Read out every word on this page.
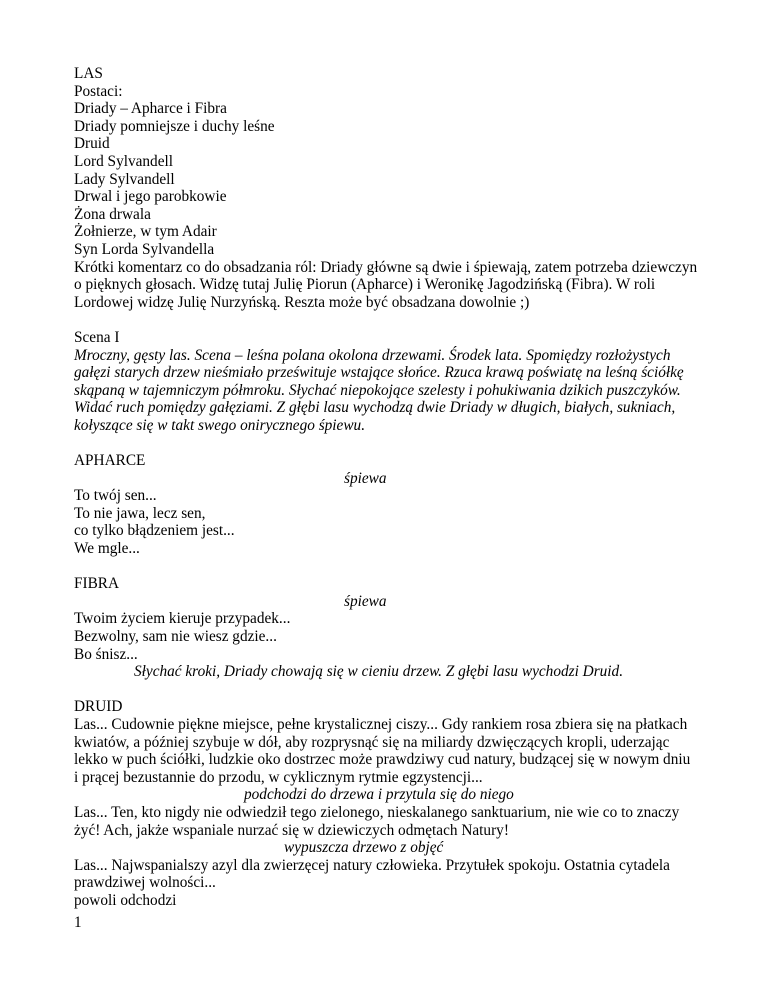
LAS
Postaci:
Driady – Apharce i Fibra
Driady pomniejsze i duchy leśne
Druid
Lord Sylvandell
Lady Sylvandell
Drwal i jego parobkowie
Żona drwala
Żołnierze, w tym Adair
Syn Lorda Sylvandella

Krótki komentarz co do obsadzania ról: Driady główne są dwie i śpiewają, zatem potrzeba dziewczyn o pięknych głosach. Widzę tutaj Julię Piorun (Apharce) i Weronikę Jagodzińską (Fibra). W roli Lordowej widzę Julię Nurzyńską. Reszta może być obsadzana dowolnie ;)

Scena I

Mroczny, gęsty las. Scena – leśna polana okolona drzewami. Środek lata. Spomiędzy rozłożystych gałęzi starych drzew nieśmiało prześwituje wstające słońce. Rzuca krawą poświatę na leśną ściółkę skąpaną w tajemniczym półmroku. Słychać niepokojące szelesty i pohukiwania dzikich puszczyków. Widać ruch pomiędzy gałęziami. Z głębi lasu wychodzą dwie Driady w długich, białych, sukniach, kołyszące się w takt swego onirycznego śpiewu.

APHARCE
śpiewa
To twój sen...
To nie jawa, lecz sen,
co tylko błądzeniem jest...
We mgle...
FIBRA
śpiewa
Twoim życiem kieruje przypadek...
Bezwolny, sam nie wiesz gdzie...
Bo śnisz...
Słychać kroki, Driady chowają się w cieniu drzew. Z głębi lasu wychodzi Druid.
DRUID

Las... Cudownie piękne miejsce, pełne krystalicznej ciszy... Gdy rankiem rosa zbiera się na płatkach kwiatów, a później szybuje w dół, aby rozprysnąć się na miliardy dzwięczących kropli, uderzając lekko w puch ściółki, ludzkie oko dostrzec może prawdziwy cud natury, budzącej się w nowym dniu i prącej bezustannie do przodu, w cyklicznym rytmie egzystencji...

podchodzi do drzewa i przytula się do niego

Las... Ten, kto nigdy nie odwiedził tego zielonego, nieskalanego sanktuarium, nie wie co to znaczy żyć! Ach, jakże wspaniale nurzać się w dziewiczych odmętach Natury!

wypuszcza drzewo z objęć

Las... Najwspanialszy azyl dla zwierzęcej natury człowieka. Przytułek spokoju. Ostatnia cytadela prawdziwej wolności...

powoli odchodzi
1
